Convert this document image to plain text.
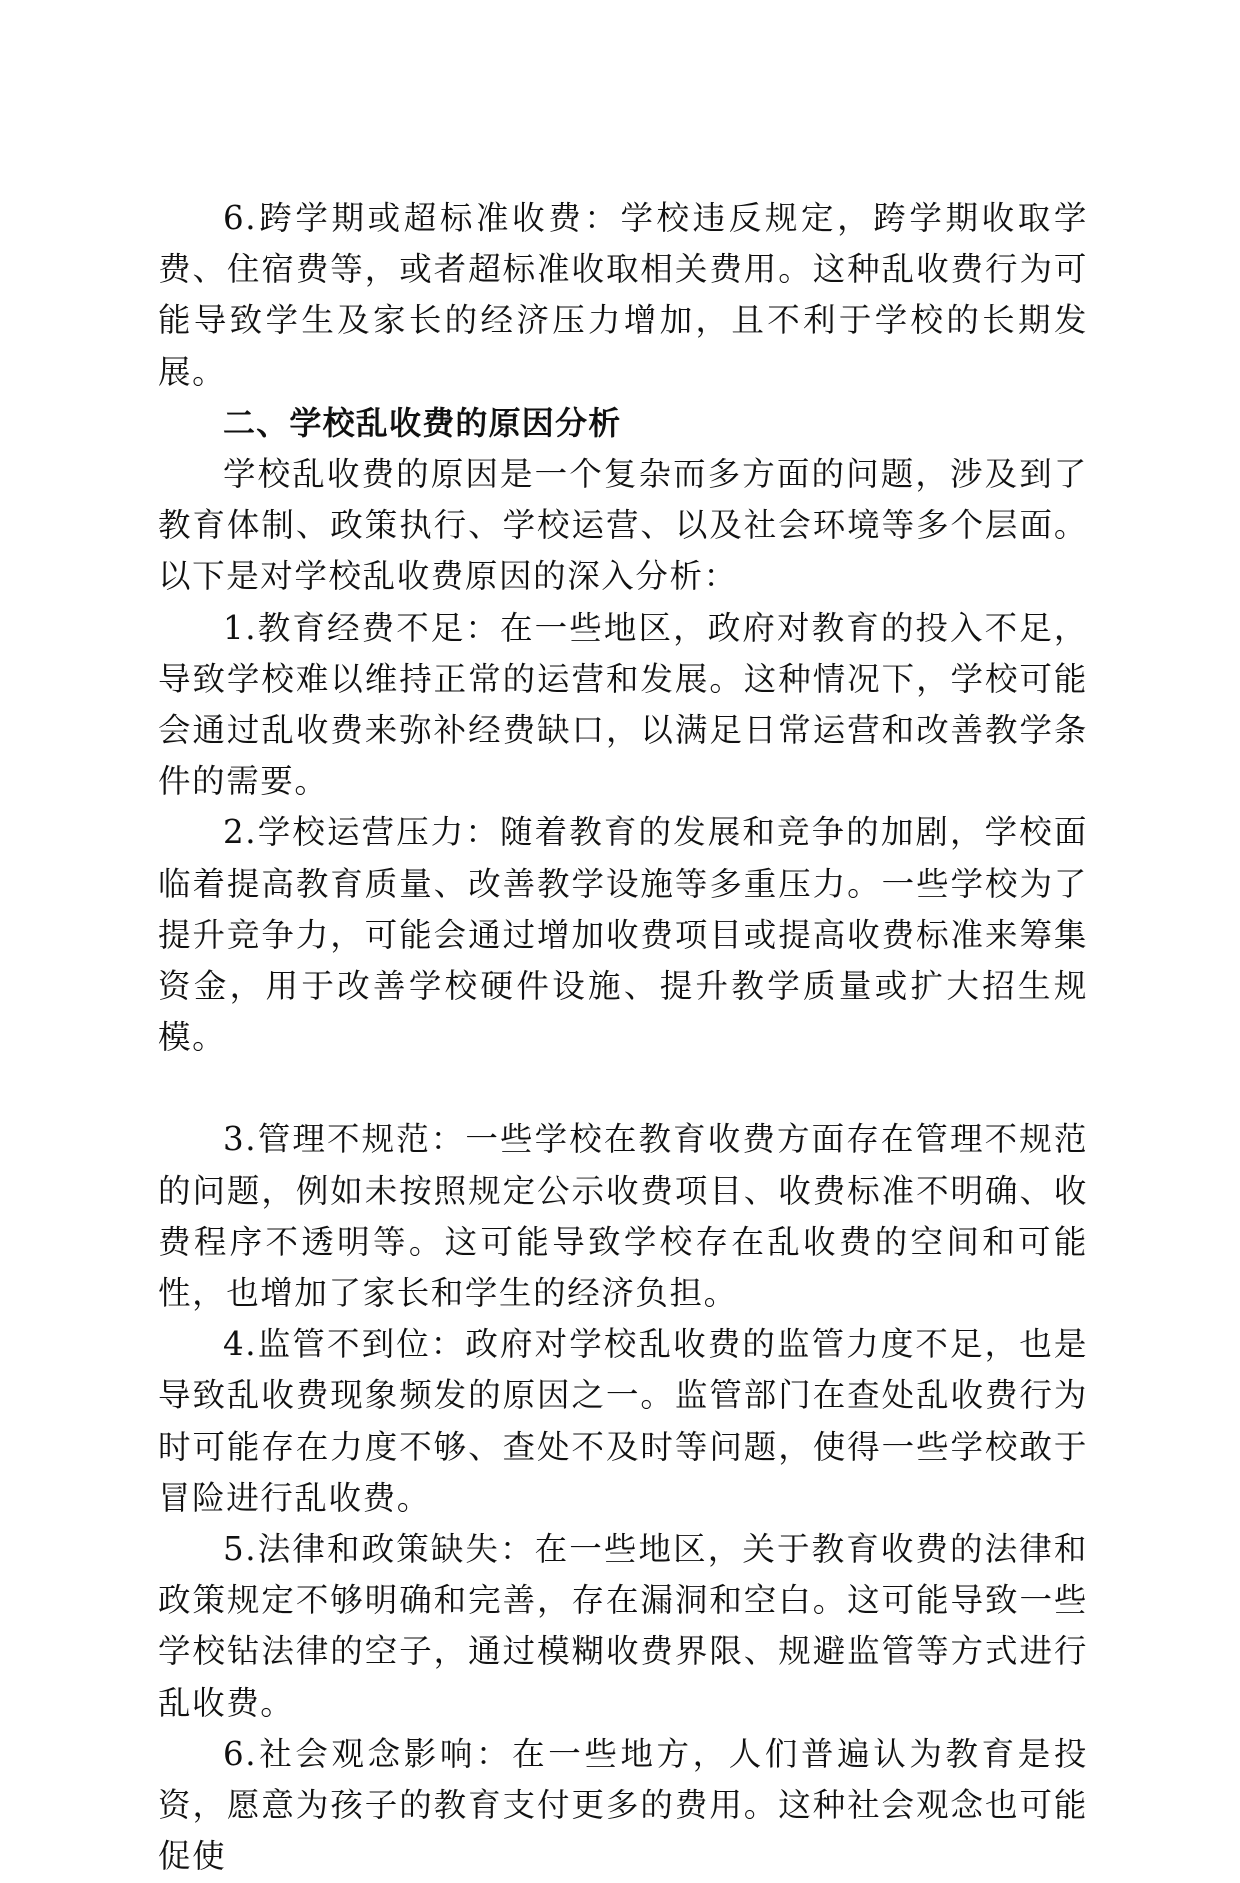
6.跨学期或超标准收费：学校违反规定，跨学期收取学费、住宿费等，或者超标准收取相关费用。这种乱收费行为可能导致学生及家长的经济压力增加，且不利于学校的长期发展。

二、学校乱收费的原因分析

学校乱收费的原因是一个复杂而多方面的问题，涉及到了教育体制、政策执行、学校运营、以及社会环境等多个层面。以下是对学校乱收费原因的深入分析：

1.教育经费不足：在一些地区，政府对教育的投入不足，导致学校难以维持正常的运营和发展。这种情况下，学校可能会通过乱收费来弥补经费缺口，以满足日常运营和改善教学条件的需要。

2.学校运营压力：随着教育的发展和竞争的加剧，学校面临着提高教育质量、改善教学设施等多重压力。一些学校为了提升竞争力，可能会通过增加收费项目或提高收费标准来筹集资金，用于改善学校硬件设施、提升教学质量或扩大招生规模。

3.管理不规范：一些学校在教育收费方面存在管理不规范的问题，例如未按照规定公示收费项目、收费标准不明确、收费程序不透明等。这可能导致学校存在乱收费的空间和可能性，也增加了家长和学生的经济负担。

4.监管不到位：政府对学校乱收费的监管力度不足，也是导致乱收费现象频发的原因之一。监管部门在查处乱收费行为时可能存在力度不够、查处不及时等问题，使得一些学校敢于冒险进行乱收费。

5.法律和政策缺失：在一些地区，关于教育收费的法律和政策规定不够明确和完善，存在漏洞和空白。这可能导致一些学校钻法律的空子，通过模糊收费界限、规避监管等方式进行乱收费。

6.社会观念影响：在一些地方，人们普遍认为教育是投资，愿意为孩子的教育支付更多的费用。这种社会观念也可能促使
